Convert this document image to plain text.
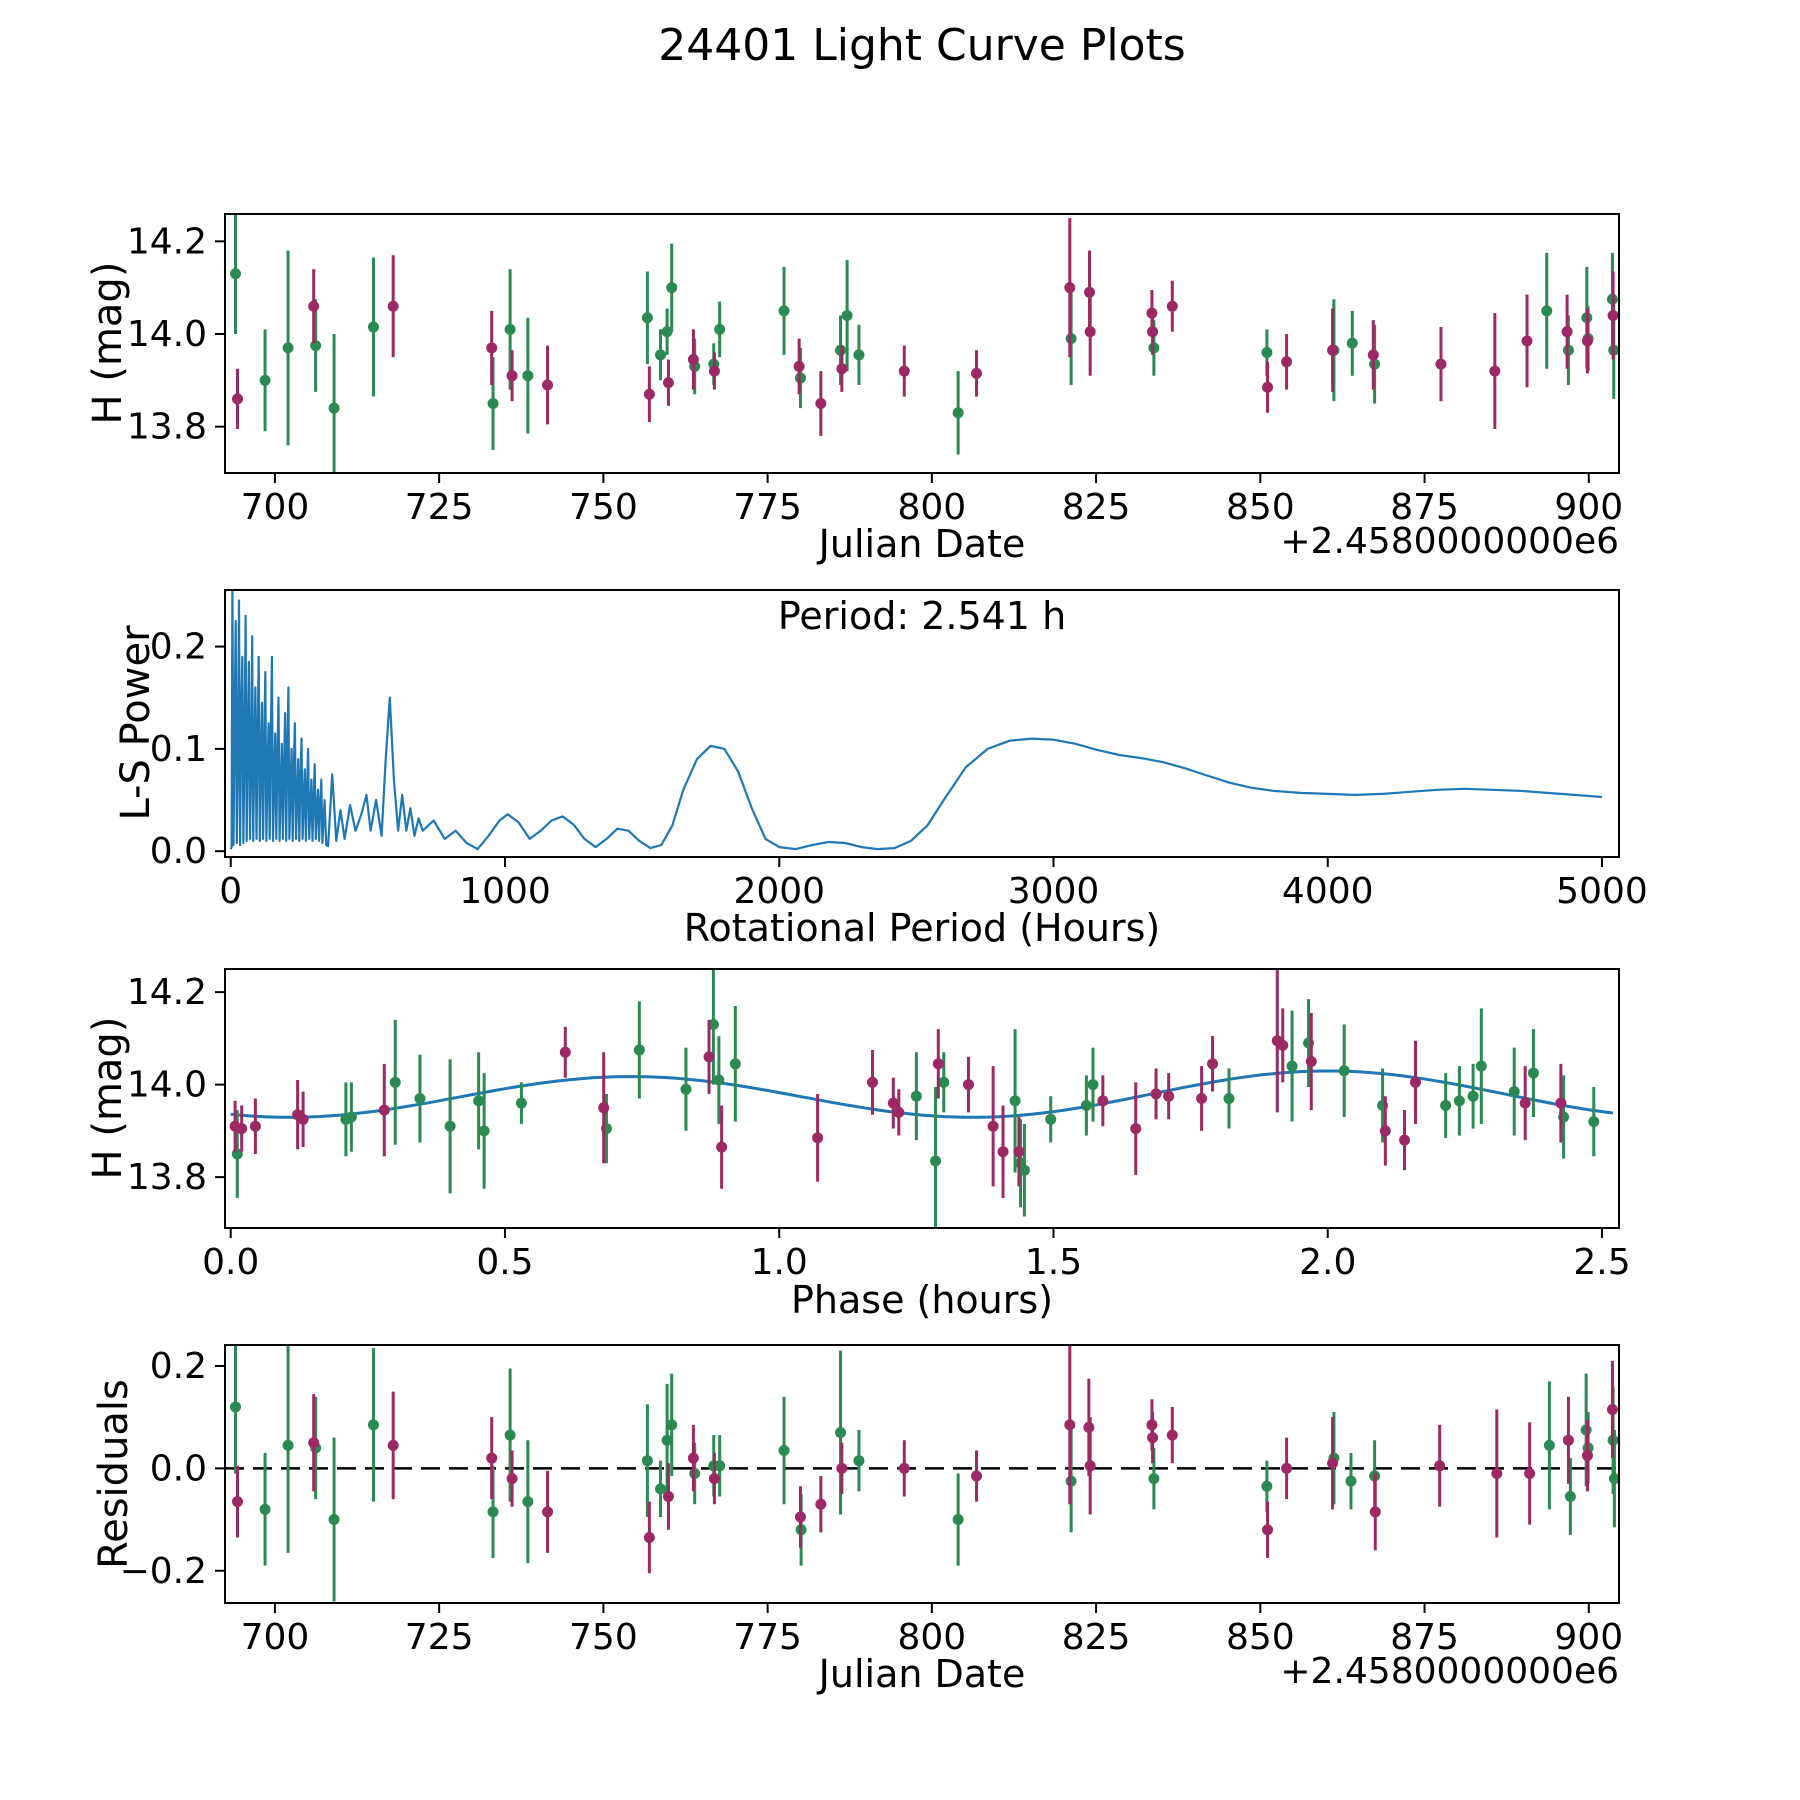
700	725	750	775	800	825	850	875	900
13.8
14.0
14.2
0	1000	2000	3000	4000	5000
0.0
0.1
0.2
0.0	0.5	1.0	1.5	2.0	2.5
13.8
14.0
14.2
700	725	750	775	800	825	850	875	900
−0.2
0.0
0.2
24401 Light Curve Plots
Julian Date	+2.4580000000e6
H (mag)
Period: 2.541 h
Rotational Period (Hours)
L-S Power
Phase (hours)
H (mag)
Julian Date	+2.4580000000e6
Residuals
